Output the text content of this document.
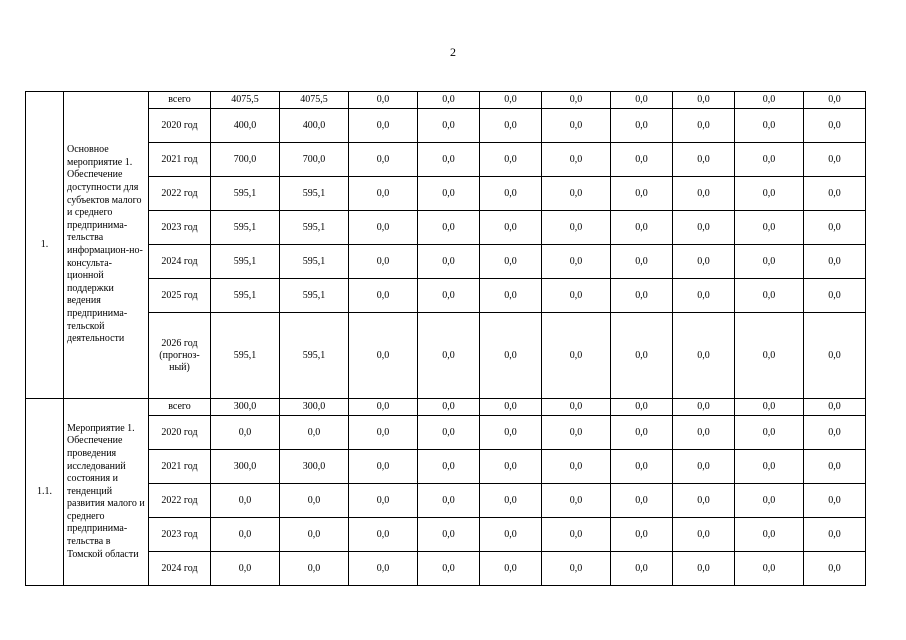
2
1.	Основное мероприятие 1. Обеспечение доступности для субъектов малого и среднего предпринима-тельства информацион-но-консульта-ционной поддержки ведения предпринима-тельской деятельности	всего	4075,5	4075,5	0,0	0,0	0,0	0,0	0,0	0,0	0,0	0,0
		2020 год	400,0	400,0	0,0	0,0	0,0	0,0	0,0	0,0	0,0	0,0
		2021 год	700,0	700,0	0,0	0,0	0,0	0,0	0,0	0,0	0,0	0,0
		2022 год	595,1	595,1	0,0	0,0	0,0	0,0	0,0	0,0	0,0	0,0
		2023 год	595,1	595,1	0,0	0,0	0,0	0,0	0,0	0,0	0,0	0,0
		2024 год	595,1	595,1	0,0	0,0	0,0	0,0	0,0	0,0	0,0	0,0
		2025 год	595,1	595,1	0,0	0,0	0,0	0,0	0,0	0,0	0,0	0,0
		2026 год
(прогноз-
ный)	595,1	595,1	0,0	0,0	0,0	0,0	0,0	0,0	0,0	0,0
1.1.	Мероприятие 1. Обеспечение проведения исследований состояния и тенденций развития малого и среднего предпринима-тельства в Томской области	всего	300,0	300,0	0,0	0,0	0,0	0,0	0,0	0,0	0,0	0,0
		2020 год	0,0	0,0	0,0	0,0	0,0	0,0	0,0	0,0	0,0	0,0
		2021 год	300,0	300,0	0,0	0,0	0,0	0,0	0,0	0,0	0,0	0,0
		2022 год	0,0	0,0	0,0	0,0	0,0	0,0	0,0	0,0	0,0	0,0
		2023 год	0,0	0,0	0,0	0,0	0,0	0,0	0,0	0,0	0,0	0,0
		2024 год	0,0	0,0	0,0	0,0	0,0	0,0	0,0	0,0	0,0	0,0
